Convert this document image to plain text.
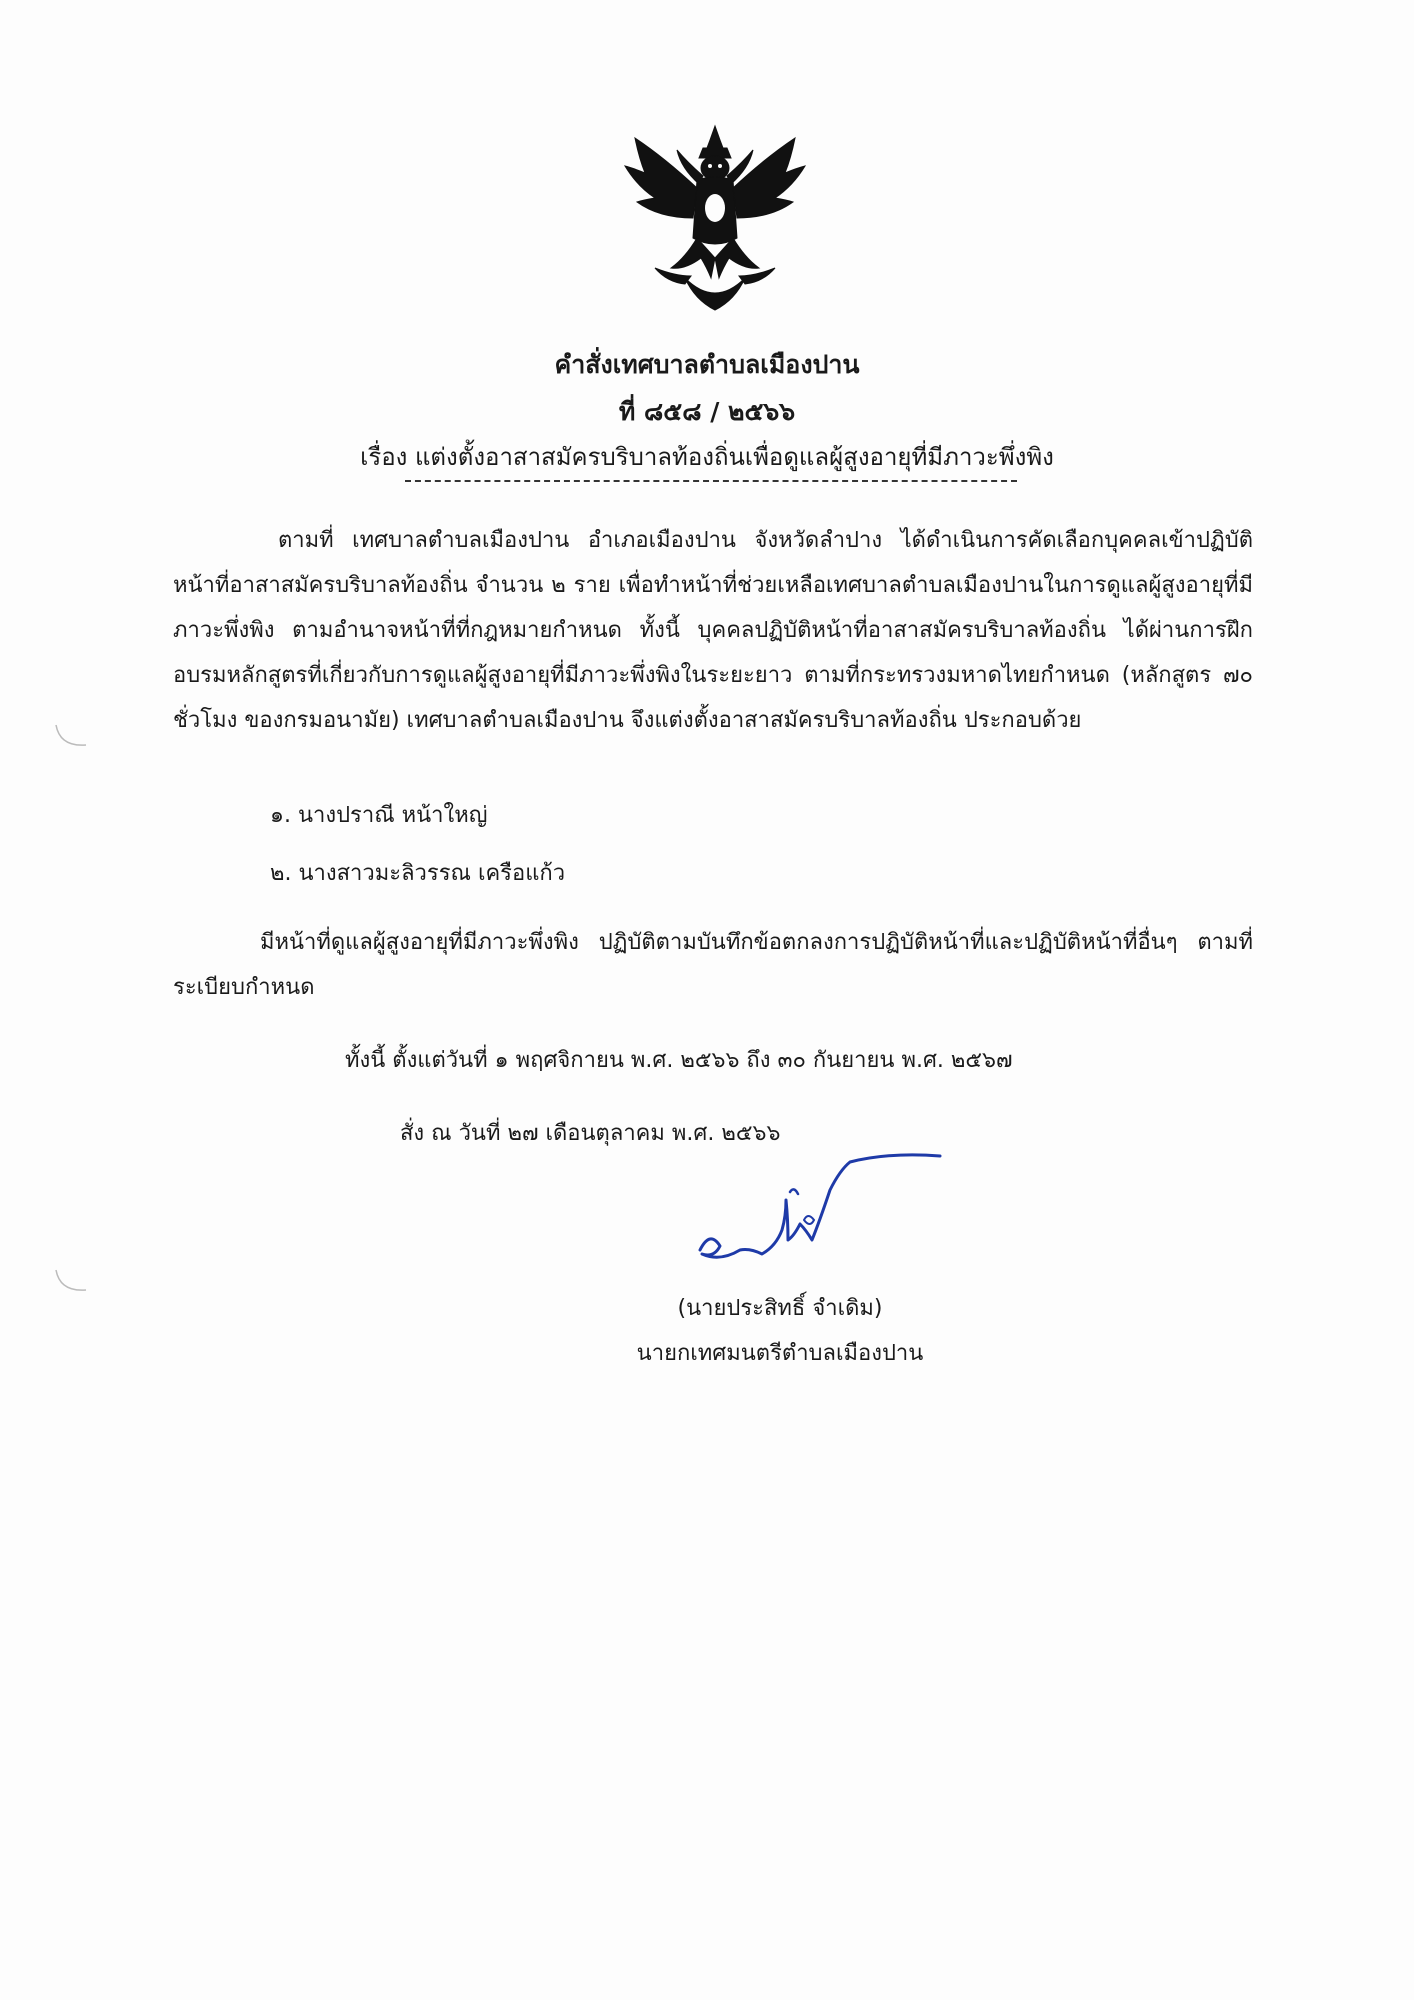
คำสั่งเทศบาลตำบลเมืองปาน
ที่ ๘๕๘ / ๒๕๖๖
เรื่อง แต่งตั้งอาสาสมัครบริบาลท้องถิ่นเพื่อดูแลผู้สูงอายุที่มีภาวะพึ่งพิง

ตามที่ เทศบาลตำบลเมืองปาน อำเภอเมืองปาน จังหวัดลำปาง ได้ดำเนินการคัดเลือกบุคคลเข้าปฏิบัติหน้าที่อาสาสมัครบริบาลท้องถิ่น จำนวน ๒ ราย เพื่อทำหน้าที่ช่วยเหลือเทศบาลตำบลเมืองปานในการดูแลผู้สูงอายุที่มีภาวะพึ่งพิง ตามอำนาจหน้าที่ที่กฎหมายกำหนด ทั้งนี้ บุคคลปฏิบัติหน้าที่อาสาสมัครบริบาลท้องถิ่น ได้ผ่านการฝึกอบรมหลักสูตรที่เกี่ยวกับการดูแลผู้สูงอายุที่มีภาวะพึ่งพิงในระยะยาว ตามที่กระทรวงมหาดไทยกำหนด (หลักสูตร ๗๐ ชั่วโมง ของกรมอนามัย) เทศบาลตำบลเมืองปาน จึงแต่งตั้งอาสาสมัครบริบาลท้องถิ่น ประกอบด้วย

๑. นางปราณี หน้าใหญ่
๒. นางสาวมะลิวรรณ เครือแก้ว

มีหน้าที่ดูแลผู้สูงอายุที่มีภาวะพึ่งพิง ปฏิบัติตามบันทึกข้อตกลงการปฏิบัติหน้าที่และปฏิบัติหน้าที่อื่นๆ ตามที่ระเบียบกำหนด

ทั้งนี้ ตั้งแต่วันที่ ๑ พฤศจิกายน พ.ศ. ๒๕๖๖ ถึง ๓๐ กันยายน พ.ศ. ๒๕๖๗
สั่ง ณ วันที่ ๒๗ เดือนตุลาคม พ.ศ. ๒๕๖๖
(นายประสิทธิ์ จำเดิม)
นายกเทศมนตรีตำบลเมืองปาน
